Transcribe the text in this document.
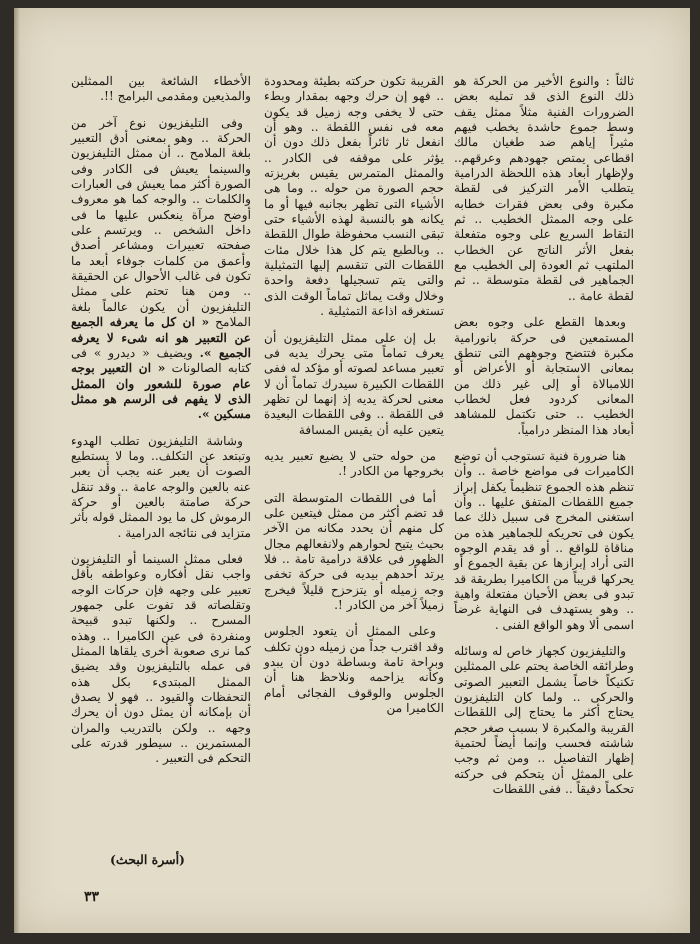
ثالثاً : والنوع الأخير من الحركة هو ذلك النوع الذى قد تمليه بعض الضرورات الفنية مثلاً ممثل يقف وسط جموع حاشدة يخطب فيهم مثيراً إياهم ضد طغيان مالك اقطاعى يمتص جهودهم وعرقهم.. ولإظهار أبعاد هذه اللحظة الدرامية يتطلب الأمر التركيز فى لقطة مكبرة وفى بعض فقرات خطابه على وجه الممثل الخطيب .. ثم التقاط السريع على وجوه متفعلة بفعل الأثر الناتج عن الخطاب الملتهب ثم العودة إلى الخطيب مع الجماهير فى لقطة متوسطة .. ثم لقطة عامة ..

وبعدها القطع على وجوه بعض المستمعين فى حركة بانورامية مكبرة فتتضح وجوههم التى تنطق بمعانى الاستجابة أو الأعراض أو اللامبالاة أو إلى غير ذلك من المعانى كردود فعل لخطاب الخطيب .. حتى تكتمل للمشاهد أبعاد هذا المنظر درامياً.

هنا ضرورة فنية تستوجب أن توضع الكاميرات فى مواضع خاصة .. وأن تنظم هذه الجموع تنظيماً يكفل إبراز جميع اللقطات المتفق عليها .. وأن استغنى المخرج فى سبيل ذلك عما يكون فى تحريكه للجماهير هذه من مناقاة للواقع .. أو قد يقدم الوجوه التى أراد إبرازها عن بقية الجموع أو يحركها قريباً من الكاميرا بطريقة قد تبدو فى بعض الأحيان مفتعلة واهية .. وهو يستهدف فى النهاية غرضاً اسمى ألا وهو الواقع الفنى .

والتليفزيون كجهاز خاص له وسائله وطرائقه الخاصة يحتم على الممثلين تكنيكاً خاصاً يشمل التعبير الصوتى والحركى .. ولما كان التليفزيون يحتاج أكثر ما يحتاج إلى اللقطات القريبة والمكبرة لا بسبب صغر حجم شاشته فحسب وإنما أيضاً لحتمية إظهار التفاصيل .. ومن ثم وجب على الممثل أن يتحكم فى حركته تحكماً دقيقاً .. ففى اللقطات

القريبة تكون حركته بطيئة ومحدودة .. فهو إن حرك وجهه بمقدار وبطء حتى لا يخفى وجه زميل قد يكون معه فى نفس اللقطة .. وهو أن انفعل ثار ثائراً بفعل ذلك دون أن يؤثر على موقفه فى الكادر .. والممثل المتمرس يقيس بغريزته حجم الصورة من حوله .. وما هى الأشياء التى تظهر بجانبه فيها أو ما يكانه هو بالنسبة لهذه الأشياء حتى تبقى النسب محفوظة طوال اللقطة .. وبالطبع يتم كل هذا خلال مئات اللقطات التى تنقسم إليها التمثيلية والتى يتم تسجيلها دفعة واحدة وخلال وقت يماثل تماماً الوقت الذى تستغرقه اذاعة التمثيلية .

بل إن على ممثل التليفزيون أن يعرف تماماً متى يحرك يديه فى تعبير مساعد لصوته أو مؤكد له ففى اللقطات الكبيرة سيدرك تماماً أن لا معنى لحركة يديه إذ إنهما لن تظهر فى اللقطة .. وفى اللقطات البعيدة يتعين عليه أن يقيس المسافة

من حوله حتى لا يضيع تعبير يديه بخروجها من الكادر !.

أما فى اللقطات المتوسطة التى قد تضم أكثر من ممثل فيتعين على كل منهم أن يحدد مكانه من الآخر بحيث يتيح لحوارهم ولانفعالهم مجال الظهور فى علاقة درامية تامة .. فلا يرتد أحدهم بيديه فى حركة تخفى وجه زميله أو يتزحزح قليلاً فيخرج زميلاً آخر من الكادر !.

وعلى الممثل أن يتعود الجلوس وقد اقترب جداً من زميله دون تكلف وبراحة تامة وبساطة دون أن يبدو وكأنه يزاحمه ونلاحظ هنا أن الجلوس والوقوف الفجائى أمام الكاميرا من

الأخطاء الشائعة بين الممثلين والمذيعين ومقدمى البرامج !!.

وفى التليفزيون نوع آخر من الحركة .. وهو بمعنى أدق التعبير بلغة الملامح .. أن ممثل التليفزيون والسينما يعيش فى الكادر وفى الصورة أكثر مما يعيش فى العبارات والكلمات .. والوجه كما هو معروف أوضح مرآة ينعكس عليها ما فى داخل الشخص .. ويرتسم على صفحته تعبيرات ومشاعر أصدق وأعمق من كلمات جوفاء أبعد ما تكون فى غالب الأحوال عن الحقيقة .. ومن هنا تحتم على ممثل التليفزيون أن يكون عالماً بلغة الملامح « ان كل ما يعرفه الجميع عن التعبير هو انه شىء لا يعرفه الجميع ». ويضيف « ديدرو » فى كتابه الصالونات « ان التعبير بوجه عام صورة للشعور وان الممثل الذى لا يفهم فى الرسم هو ممثل مسكين ».

وشاشة التليفزيون تطلب الهدوء وتبتعد عن التكلف.. وما لا يستطيع الصوت أن يعبر عنه يجب أن يعبر عنه بالعين والوجه عامة .. وقد تنقل حركة صامتة بالعين أو حركة الرموش كل ما يود الممثل قوله بأثر متزايد فى نتائجه الدرامية .

فعلى ممثل السينما أو التليفزيون واجب نقل أفكاره وعواطفه بأقل تعبير على وجهه فإن حركات الوجه وتقلصاته قد تفوت على جمهور المسرح .. ولكنها تبدو قبيحة ومنفردة فى عين الكاميرا .. وهذه كما نرى صعوبة أخرى يلقاها الممثل فى عمله بالتليفزيون وقد يضيق الممثل المبتدىء بكل هذه التحفظات والقيود .. فهو لا يصدق أن بإمكانه أن يمثل دون أن يحرك وجهه .. ولكن بالتدريب والمران المستمرين .. سيطور قدرته على التحكم فى التعبير .

(أسرة البحث)
٣٣
